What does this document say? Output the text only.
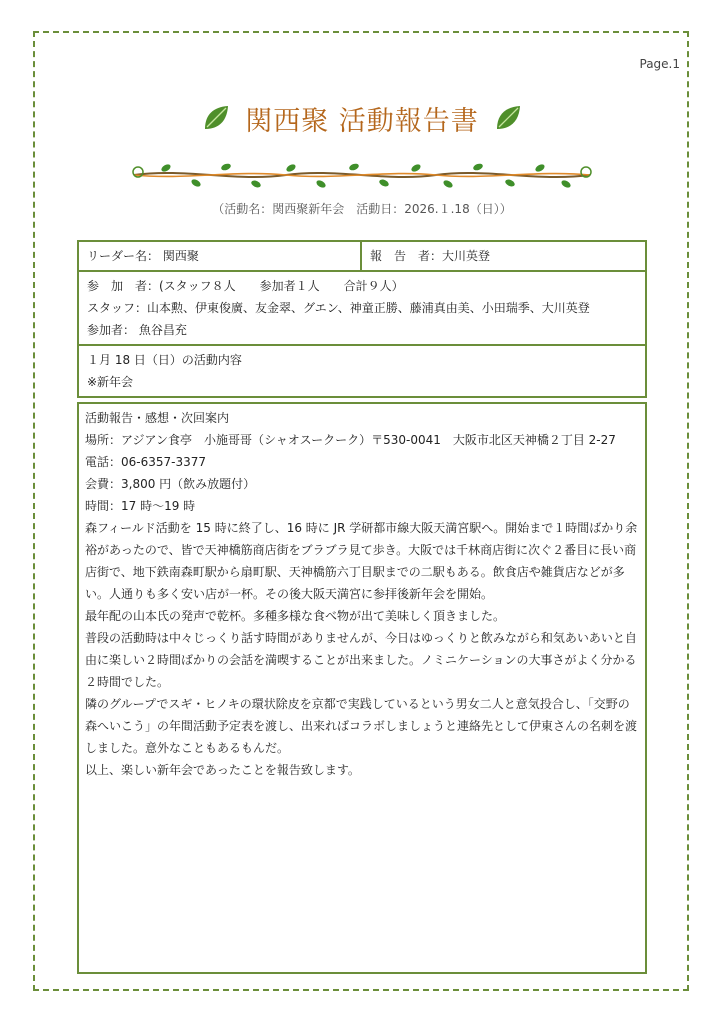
Page.1
関西聚 活動報告書
（活動名：関西聚新年会　活動日：2026.１.18（日））
リーダー名： 関西聚	報　告　者：大川英登

参　加　者：(スタッフ８人　　参加者１人　　合計９人）
スタッフ：山本勲、伊東俊廣、友金翠、グエン、神童正勝、藤浦真由美、小田瑞季、大川英登
参加者： 魚谷昌充

１月 18 日（日）の活動内容
※新年会

活動報告・感想・次回案内

場所：アジアン食亭　小施哥哥（シャオスークーク）〒530-0041　大阪市北区天神橋２丁目 2-27

電話：06-6357-3377

会費：3,800 円（飲み放題付）

時間：17 時～19 時

森フィールド活動を 15 時に終了し、16 時に JR 学研都市線大阪天満宮駅へ。開始まで１時間ばかり余裕があったので、皆で天神橋筋商店街をブラブラ見て歩き。大阪では千林商店街に次ぐ２番目に長い商店街で、地下鉄南森町駅から扇町駅、天神橋筋六丁目駅までの二駅もある。飲食店や雑貨店などが多い。人通りも多く安い店が一杯。その後大阪天満宮に参拝後新年会を開始。

最年配の山本氏の発声で乾杯。多種多様な食べ物が出て美味しく頂きました。

普段の活動時は中々じっくり話す時間がありませんが、今日はゆっくりと飲みながら和気あいあいと自由に楽しい２時間ばかりの会話を満喫することが出来ました。ノミニケーションの大事さがよく分かる２時間でした。

隣のグループでスギ・ヒノキの環状除皮を京都で実践しているという男女二人と意気投合し、「交野の森へいこう」の年間活動予定表を渡し、出来ればコラボしましょうと連絡先として伊東さんの名刺を渡しました。意外なこともあるもんだ。

以上、楽しい新年会であったことを報告致します。
